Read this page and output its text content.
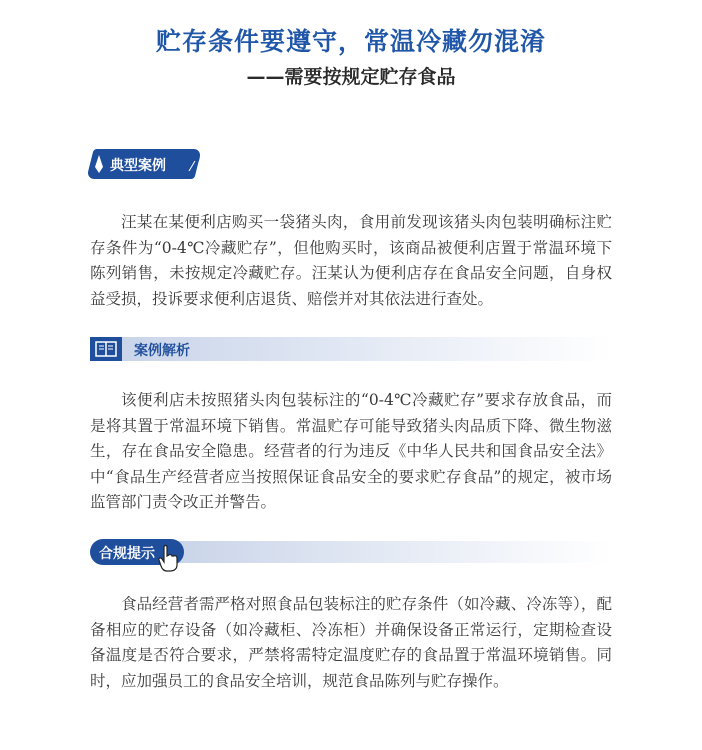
贮存条件要遵守，常温冷藏勿混淆
——需要按规定贮存食品
典型案例
汪某在某便利店购买一袋猪头肉，食用前发现该猪头肉包装明确标注贮存条件为“0-4℃冷藏贮存”，但他购买时，该商品被便利店置于常温环境下陈列销售，未按规定冷藏贮存。汪某认为便利店存在食品安全问题，自身权益受损，投诉要求便利店退货、赔偿并对其依法进行查处。
案例解析
该便利店未按照猪头肉包装标注的“0-4℃冷藏贮存”要求存放食品，而是将其置于常温环境下销售。常温贮存可能导致猪头肉品质下降、微生物滋生，存在食品安全隐患。经营者的行为违反《中华人民共和国食品安全法》中“食品生产经营者应当按照保证食品安全的要求贮存食品”的规定，被市场监管部门责令改正并警告。
合规提示
食品经营者需严格对照食品包装标注的贮存条件（如冷藏、冷冻等），配备相应的贮存设备（如冷藏柜、冷冻柜）并确保设备正常运行，定期检查设备温度是否符合要求，严禁将需特定温度贮存的食品置于常温环境销售。同时，应加强员工的食品安全培训，规范食品陈列与贮存操作。
